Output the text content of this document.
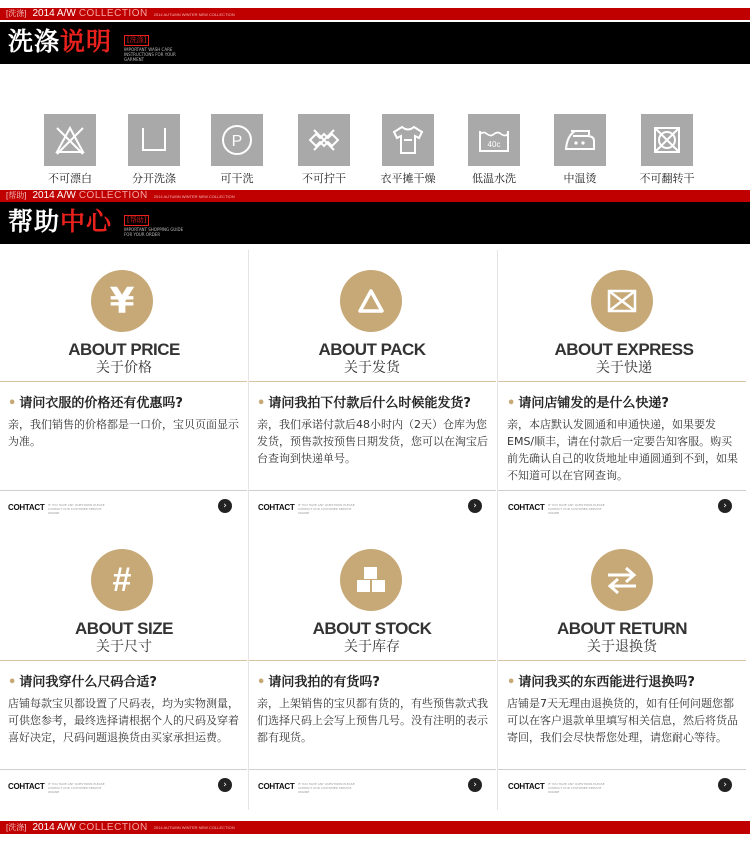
[洗涤] 2014 A/W COLLECTION 2014 AUTUMN WINTER NEW COLLECTION
洗涤说明	[洗涤]
IMPORTANT WASH CARE INSTRUCTIONS FOR YOUR GARMENT
不可漂白	分开洗涤
P
可干洗	不可拧干	衣平摊干燥
40c
低温水洗	中温烫	不可翻转干
[帮助] 2014 A/W COLLECTION 2014 AUTUMN WINTER NEW COLLECTION
帮助中心	[帮助]
IMPORTANT SHOPPING GUIDE FOR YOUR ORDER
¥
ABOUT PRICE
关于价格
• 请问衣服的价格还有优惠吗?
亲，我们销售的价格都是一口价，宝贝页面显示为准。
COHTACT IF YOU HAVE ANY QUESTIONS PLEASE CONTACT OUR CUSTOMER SERVICE ONLINE
›
ABOUT PACK
关于发货
• 请问我拍下付款后什么时候能发货?
亲，我们承诺付款后48小时内（2天）仓库为您发货，预售款按预售日期发货，您可以在淘宝后台查询到快递单号。
COHTACT IF YOU HAVE ANY QUESTIONS PLEASE CONTACT OUR CUSTOMER SERVICE ONLINE
›
ABOUT EXPRESS
关于快递
• 请问店铺发的是什么快递?
亲，本店默认发圆通和申通快递，如果要发EMS/顺丰，请在付款后一定要告知客服。购买前先确认自己的收货地址申通圆通到不到，如果不知道可以在官网查询。
COHTACT IF YOU HAVE ANY QUESTIONS PLEASE CONTACT OUR CUSTOMER SERVICE ONLINE
›
#
ABOUT SIZE
关于尺寸
• 请问我穿什么尺码合适?
店铺每款宝贝都设置了尺码表，均为实物测量，可供您参考，最终选择请根据个人的尺码及穿着喜好决定，尺码问题退换货由买家承担运费。
COHTACT IF YOU HAVE ANY QUESTIONS PLEASE CONTACT OUR CUSTOMER SERVICE ONLINE
›
ABOUT STOCK
关于库存
• 请问我拍的有货吗?
亲，上架销售的宝贝都有货的，有些预售款式我们选择尺码上会写上预售几号。没有注明的表示都有现货。
COHTACT IF YOU HAVE ANY QUESTIONS PLEASE CONTACT OUR CUSTOMER SERVICE ONLINE
›
ABOUT RETURN
关于退换货
• 请问我买的东西能进行退换吗?
店铺是7天无理由退换货的，如有任何问题您都可以在客户退款单里填写相关信息，然后将货品寄回，我们会尽快帮您处理，请您耐心等待。
COHTACT IF YOU HAVE ANY QUESTIONS PLEASE CONTACT OUR CUSTOMER SERVICE ONLINE
›
[洗涤] 2014 A/W COLLECTION 2014 AUTUMN WINTER NEW COLLECTION
